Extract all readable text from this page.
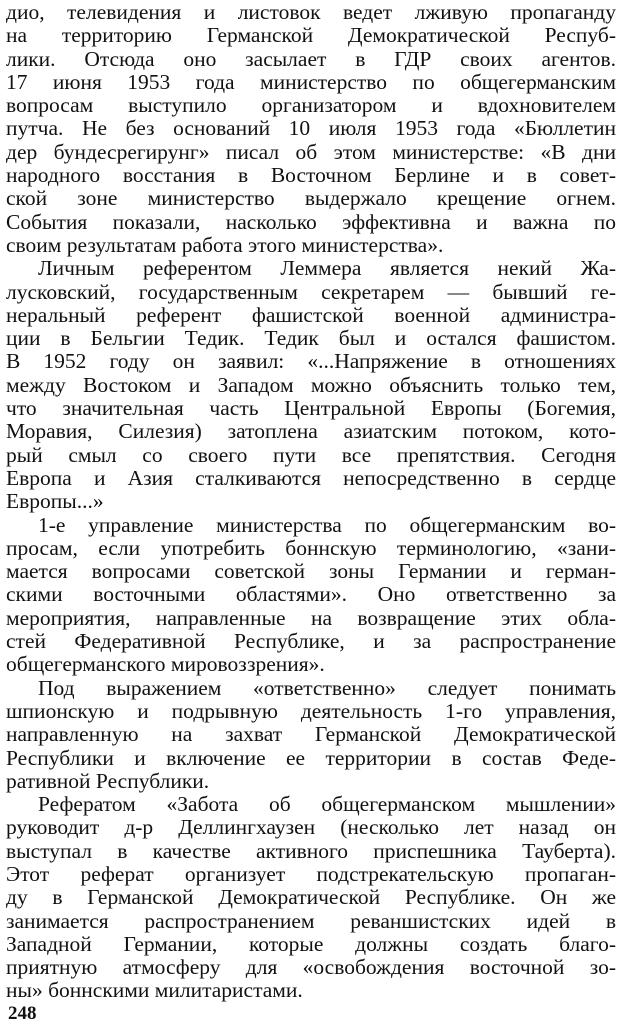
дио, телевидения и листовок ведет лживую пропаганду
на территорию Германской Демократической Респуб-
лики. Отсюда оно засылает в ГДР своих агентов.
17 июня 1953 года министерство по общегерманским
вопросам выступило организатором и вдохновителем
путча. Не без оснований 10 июля 1953 года «Бюллетин
дер бундесрегирунг» писал об этом министерстве: «В дни
народного восстания в Восточном Берлине и в совет-
ской зоне министерство выдержало крещение огнем.
События показали, насколько эффективна и важна по
своим результатам работа этого министерства».
Личным референтом Леммера является некий Жа-
лусковский, государственным секретарем — бывший ге-
неральный референт фашистской военной администра-
ции в Бельгии Тедик. Тедик был и остался фашистом.
В 1952 году он заявил: «...Напряжение в отношениях
между Востоком и Западом можно объяснить только тем,
что значительная часть Центральной Европы (Богемия,
Моравия, Силезия) затоплена азиатским потоком, кото-
рый смыл со своего пути все препятствия. Сегодня
Европа и Азия сталкиваются непосредственно в сердце
Европы...»
1-е управление министерства по общегерманским во-
просам, если употребить боннскую терминологию, «зани-
мается вопросами советской зоны Германии и герман-
скими восточными областями». Оно ответственно за
мероприятия, направленные на возвращение этих обла-
стей Федеративной Республике, и за распространение
общегерманского мировоззрения».
Под выражением «ответственно» следует понимать
шпионскую и подрывную деятельность 1-го управления,
направленную на захват Германской Демократической
Республики и включение ее территории в состав Феде-
ративной Республики.
Рефератом «Забота об общегерманском мышлении»
руководит д-р Деллингхаузен (несколько лет назад он
выступал в качестве активного приспешника Тауберта).
Этот реферат организует подстрекательскую пропаган-
ду в Германской Демократической Республике. Он же
занимается распространением реваншистских идей в
Западной Германии, которые должны создать благо-
приятную атмосферу для «освобождения восточной зо-
ны» боннскими милитаристами.
248
